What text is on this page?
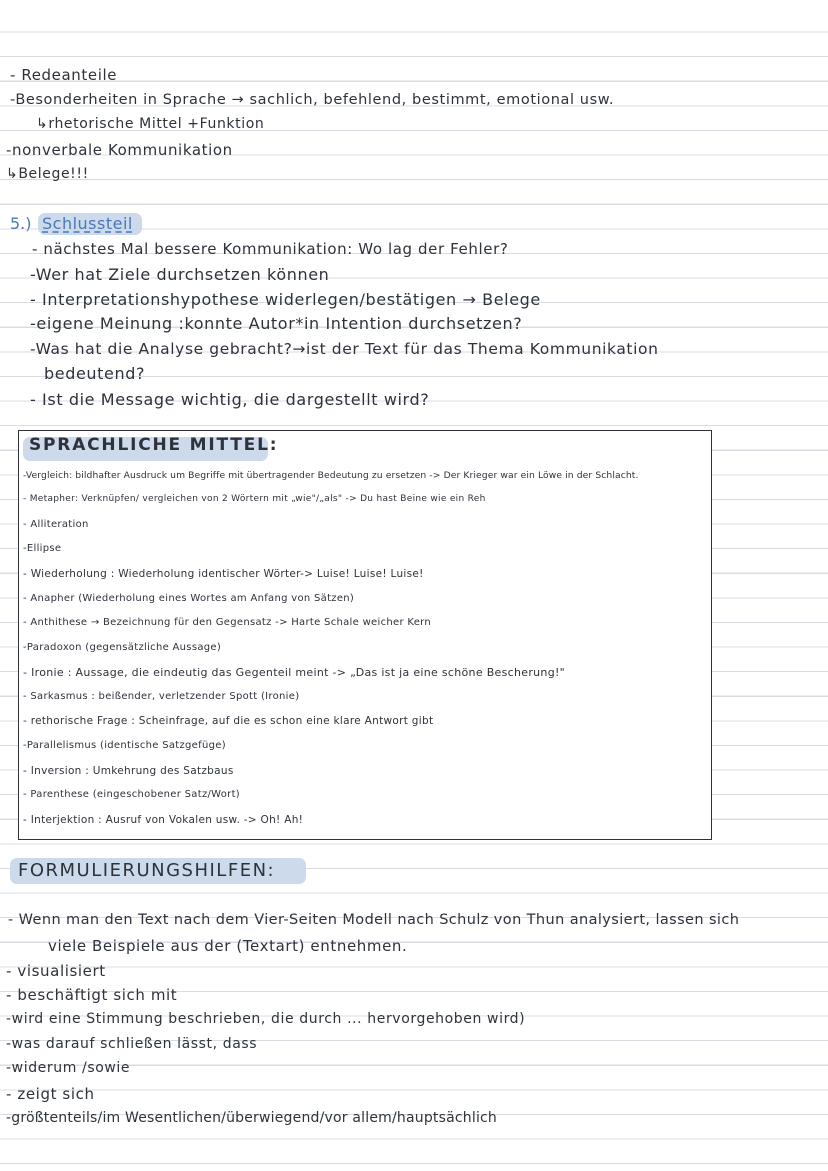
- Redeanteile
-Besonderheiten in Sprache → sachlich, befehlend, bestimmt, emotional usw.
↳rhetorische Mittel +Funktion
-nonverbale Kommunikation
↳Belege!!!
5.) Schlussteil
- nächstes Mal bessere Kommunikation: Wo lag der Fehler?
-Wer hat Ziele durchsetzen können
- Interpretationshypothese widerlegen/bestätigen → Belege
-eigene Meinung :konnte Autor*in Intention durchsetzen?
-Was hat die Analyse gebracht?→ist der Text für das Thema Kommunikation
bedeutend?
- Ist die Message wichtig, die dargestellt wird?
SPRACHLICHE MITTEL:
-Vergleich: bildhafter Ausdruck um Begriffe mit übertragender Bedeutung zu ersetzen -> Der Krieger war ein Löwe in der Schlacht.
- Metapher: Verknüpfen/ vergleichen von 2 Wörtern mit „wie"/„als" -> Du hast Beine wie ein Reh
- Alliteration
-Ellipse
- Wiederholung : Wiederholung identischer Wörter-> Luise! Luise! Luise!
- Anapher (Wiederholung eines Wortes am Anfang von Sätzen)
- Anthithese → Bezeichnung für den Gegensatz -> Harte Schale weicher Kern
-Paradoxon (gegensätzliche Aussage)
- Ironie : Aussage, die eindeutig das Gegenteil meint -> „Das ist ja eine schöne Bescherung!"
- Sarkasmus : beißender, verletzender Spott (Ironie)
- rethorische Frage : Scheinfrage, auf die es schon eine klare Antwort gibt
-Parallelismus (identische Satzgefüge)
- Inversion : Umkehrung des Satzbaus
- Parenthese (eingeschobener Satz/Wort)
- Interjektion : Ausruf von Vokalen usw. -> Oh! Ah!
FORMULIERUNGSHILFEN:
- Wenn man den Text nach dem Vier-Seiten Modell nach Schulz von Thun analysiert, lassen sich
viele Beispiele aus der (Textart) entnehmen.
- visualisiert
- beschäftigt sich mit
-wird eine Stimmung beschrieben, die durch ... hervorgehoben wird)
-was darauf schließen lässt, dass
-widerum /sowie
- zeigt sich
-größtenteils/im Wesentlichen/überwiegend/vor allem/hauptsächlich
